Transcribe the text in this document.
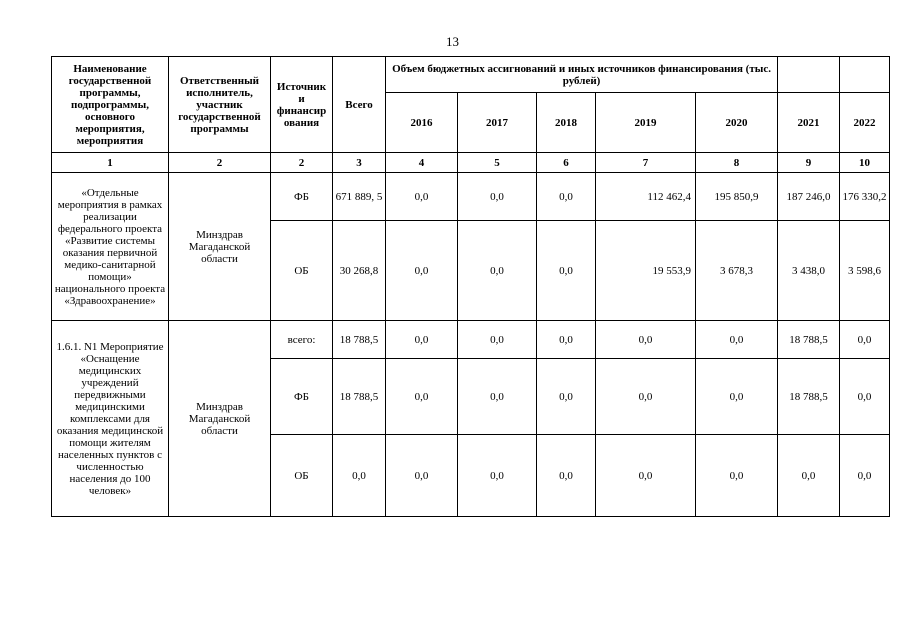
13
Наименование государственной программы, подпрограммы, основного мероприятия, мероприятия	Ответственный исполнитель, участник государственной программы	Источник и финансир ования	Всего	Объем бюджетных ассигнований и иных источников финансирования (тыс. рублей)						
				2016	2017	2018	2019	2020	2021	2022
1	2	2	3	4	5	6	7	8	9	10
«Отдельные мероприятия в рамках реализации федерального проекта «Развитие системы оказания первичной медико-санитарной помощи» национального проекта «Здравоохранение»	Минздрав Магаданской области	ФБ	671 889, 5	0,0	0,0	0,0	112 462,4	195 850,9	187 246,0	176 330,2
		ОБ	30 268,8	0,0	0,0	0,0	19 553,9	3 678,3	3 438,0	3 598,6
1.6.1. N1 Мероприятие «Оснащение медицинских учреждений передвижными медицинскими комплексами для оказания медицинской помощи жителям населенных пунктов с численностью населения до 100 человек»	Минздрав Магаданской области	всего:	18 788,5	0,0	0,0	0,0	0,0	0,0	18 788,5	0,0
		ФБ	18 788,5	0,0	0,0	0,0	0,0	0,0	18 788,5	0,0
		ОБ	0,0	0,0	0,0	0,0	0,0	0,0	0,0	0,0
